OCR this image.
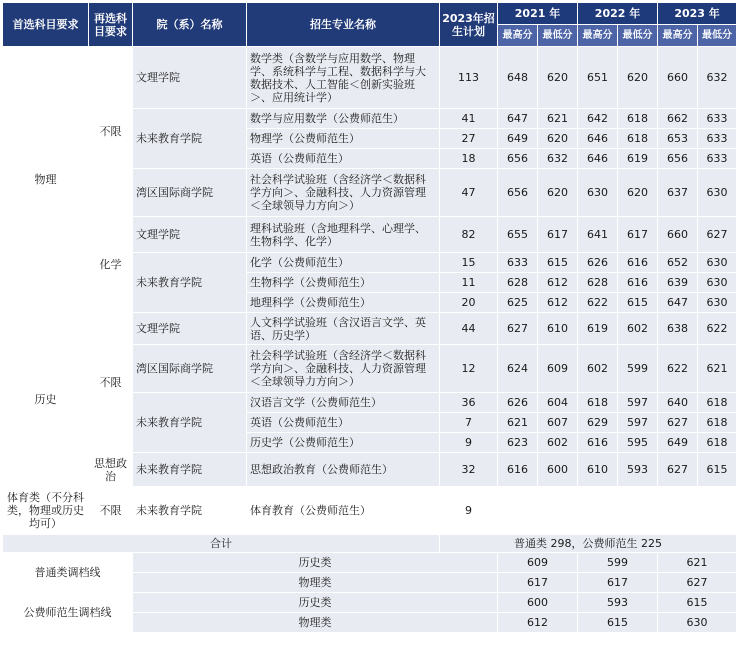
首选科目要求	再选科目要求	院（系）名称	招生专业名称	2023年招生计划	2021 年		2022 年		2023 年	
					最高分	最低分	最高分	最低分	最高分	最低分
物理	不限	文理学院	数学类（含数学与应用数学、物理学、系统科学与工程、数据科学与大数据技术、人工智能＜创新实验班＞、应用统计学）	113	648	620	651	620	660	632
		未来教育学院	数学与应用数学（公费师范生）	41	647	621	642	618	662	633
			物理学（公费师范生）	27	649	620	646	618	653	633
			英语（公费师范生）	18	656	632	646	619	656	633
		湾区国际商学院	社会科学试验班（含经济学＜数据科学方向＞、金融科技、人力资源管理＜全球领导力方向＞）	47	656	620	630	620	637	630
	化学	文理学院	理科试验班（含地理科学、心理学、生物科学、化学）	82	655	617	641	617	660	627
		未来教育学院	化学（公费师范生）	15	633	615	626	616	652	630
			生物科学（公费师范生）	11	628	612	628	616	639	630
			地理科学（公费师范生）	20	625	612	622	615	647	630
历史	不限	文理学院	人文科学试验班（含汉语言文学、英语、历史学）	44	627	610	619	602	638	622
		湾区国际商学院	社会科学试验班（含经济学＜数据科学方向＞、金融科技、人力资源管理＜全球领导力方向＞）	12	624	609	602	599	622	621
		未来教育学院	汉语言文学（公费师范生）	36	626	604	618	597	640	618
			英语（公费师范生）	7	621	607	629	597	627	618
			历史学（公费师范生）	9	623	602	616	595	649	618
	思想政治	未来教育学院	思想政治教育（公费师范生）	32	616	600	610	593	627	615
体育类（不分科类，物理或历史均可）	不限	未来教育学院	体育教育（公费师范生）	9						
合计				普通类 298，公费师范生 225						
普通类调档线		历史类			609		599		621	
		物理类			617		617		627	
公费师范生调档线		历史类			600		593		615	
		物理类			612		615		630	
